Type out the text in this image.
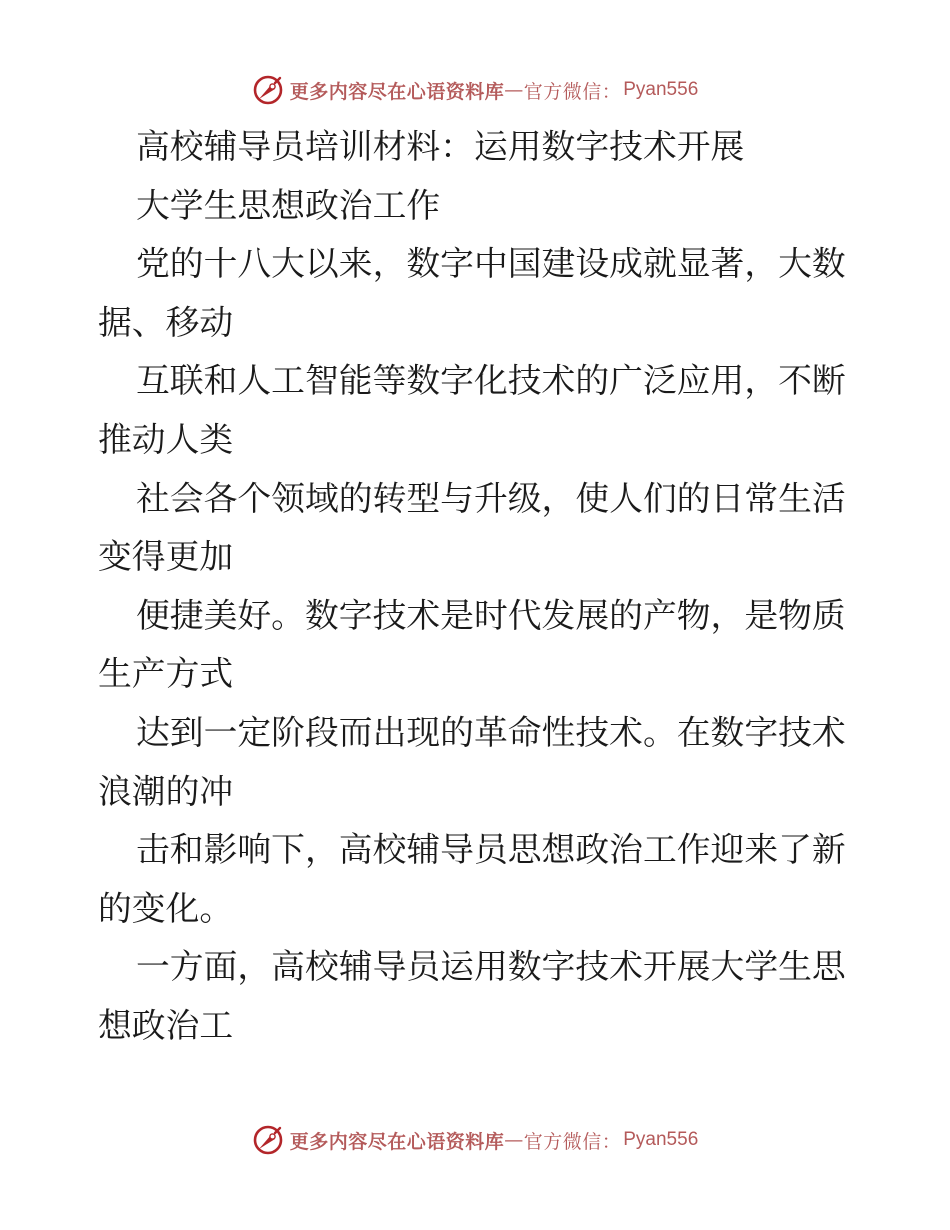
更多内容尽在心语资料库 — 官方微信： Pyan556
高校辅导员培训材料：运用数字技术开展
大学生思想政治工作
党的十八大以来，数字中国建设成就显著，大数
据、移动
互联和人工智能等数字化技术的广泛应用，不断
推动人类
社会各个领域的转型与升级，使人们的日常生活
变得更加
便捷美好。数字技术是时代发展的产物，是物质
生产方式
达到一定阶段而出现的革命性技术。在数字技术
浪潮的冲
击和影响下，高校辅导员思想政治工作迎来了新
的变化。
一方面，高校辅导员运用数字技术开展大学生思
想政治工
更多内容尽在心语资料库 — 官方微信： Pyan556
